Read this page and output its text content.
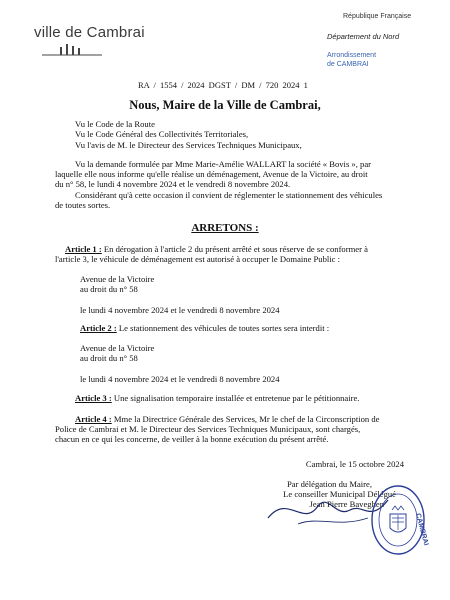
ville de Cambrai
République Française
Département du Nord
Arrondissement
de CAMBRAI
RA / 1554 / 2024 DGST / DM / 720 2024 1
Nous, Maire de la Ville de Cambrai,
Vu le Code de la Route
Vu le Code Général des Collectivités Territoriales,
Vu l'avis de M. le Directeur des Services Techniques Municipaux,
Vu la demande formulée par Mme Marie-Amélie WALLART la société « Bovis », par
laquelle elle nous informe qu'elle réalise un déménagement, Avenue de la Victoire, au droit
du n° 58, le lundi 4 novembre 2024 et le vendredi 8 novembre 2024.
Considérant qu'à cette occasion il convient de réglementer le stationnement des véhicules
de toutes sortes.
ARRETONS :
Article 1 : En dérogation à l'article 2 du présent arrêté et sous réserve de se conformer à
l'article 3, le véhicule de déménagement est autorisé à occuper le Domaine Public :
Avenue de la Victoire
au droit du n° 58
le lundi 4 novembre 2024 et le vendredi 8 novembre 2024
Article 2 : Le stationnement des véhicules de toutes sortes sera interdit :
Avenue de la Victoire
au droit du n° 58
le lundi 4 novembre 2024 et le vendredi 8 novembre 2024
Article 3 : Une signalisation temporaire installée et entretenue par le pétitionnaire.
Article 4 : Mme la Directrice Générale des Services, Mr le chef de la Circonscription de
Police de Cambrai et M. le Directeur des Services Techniques Municipaux, sont chargés,
chacun en ce qui les concerne, de veiller à la bonne exécution du présent arrêté.
Cambrai, le 15 octobre 2024
Par délégation du Maire,
Le conseiller Municipal Délégué
Jean Pierre Baveghen
CAMBRAI
